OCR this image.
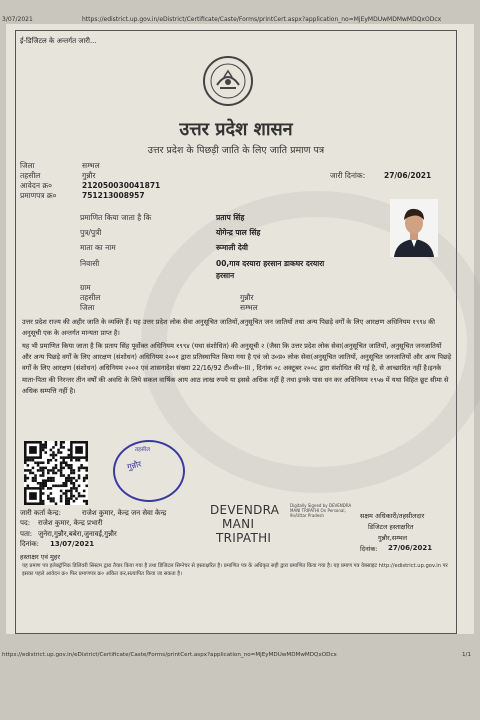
3/07/2021	https://edistrict.up.gov.in/eDistrict/Certificate/Caste/Forms/printCert.aspx?application_no=MjEyMDUwMDMwMDQxODcx
ई-डिजिटल के अन्तर्गत जारी...
उत्तर प्रदेश शासन
उत्तर प्रदेश के पिछड़ी जाति के लिए जाति प्रमाण पत्र
जिला	सम्भल
तहसील	गुन्नौर
आवेदन क्र०	212050030041871
प्रमाणपत्र क्र०	751213008957
जारी दिनांक:	27/06/2021
प्रमाणित किया जाता है कि	प्रताप सिंह
पुत्र/पुत्री	योगेन्द्र पाल सिंह
माता का नाम	रूमाली देवी
निवासी	00,गाव दरयारा हरसान डाकघर दरयारा
हरसान
ग्राम
तहसील	गुन्नौर
जिला	सम्भल
उत्तर प्रदेश राज्य की अहीर जाति के व्यक्ति हैं। यह उत्तर प्रदेश लोक सेवा अनुसूचित जातियों,अनुसूचित जन जातियों तथा अन्य पिछड़े वर्गों के लिए आरक्षण अधिनियम १९९४ की अनुसूची एक के अन्तर्गत मान्यता प्राप्त है।
यह भी प्रमाणित किया जाता है कि प्रताप सिंह पूर्वोक्त अधिनियम १९९४ (यथा संशोधित) की अनुसूची २ (जैसा कि उत्तर प्रदेश लोक सेवा(अनुसूचित जातियों, अनुसूचित जनजातियों और अन्य पिछड़े वर्गों के लिए आरक्षण (संशोधन) अधिनियम २००१ द्वारा प्रतिस्थापित किया गया है एवं जो उ०प्र० लोक सेवा(अनुसूचित जातियों, अनुसूचित जनजातियों और अन्य पिछड़े वर्गों के लिए आरक्षण (संशोधन) अधिनियम २००२ एवं शासनादेश संख्या 22/16/92 टी०सी०-III , दिनांक ०८ अक्टूबर २००८ द्वारा संशोधित की गई है, से आच्छादित नहीं है।इनके माता-पिता की निरन्तर तीन वर्षों की अवधि के लिये सकल वार्षिक आय आठ लाख रुपये या इससे अधिक नहीं है तथा इनके पास धन कर अधिनियम १९५७ में यथा विहित छूट सीमा से अधिक सम्पत्ति नहीं है।
तहसील
गुन्नौर
जारी कर्ता केन्द्र:	राजेश कुमार, केन्द्र जन सेवा केन्द्र
पद: राजेश कुमार, केन्द्र प्रभारी
पता: जुनेरा,गुन्नौर,बबेरा,जुनावई,गुन्नौर
दिनांक: 13/07/2021
हस्ताक्षर एवं मुहर
DEVENDRA
MANI
TRIPATHI
Digitally Signed by DEVENDRA MANI TRIPATHI On Personal, 9n/Uttar Pradesh	सक्षम अधिकारी/तहसीलदार
डिजिटल हस्ताक्षरित
गुन्नौर,सम्भल
दिनांक: 27/06/2021
यह प्रमाण पत्र इलेक्ट्रॉनिक डिलिवरी सिस्टम द्वारा तैयार किया गया है तथा डिजिटल सिग्नेचर से हस्ताक्षरित है। प्रमाणित पत्र के अधिकृत सही द्वारा प्रमाणित किया गया है। यह प्रमाण पत्र वेबसाइट http://edistrict.up.gov.in पर इसका पहले आवेदन क्र० फिर प्रमाणपत्र क्र० अंकित कर,सत्यापित किया जा सकता है।
https://edistrict.up.gov.in/eDistrict/Certificate/Caste/Forms/printCert.aspx?application_no=MjEyMDUwMDMwMDQxODcx	1/1
